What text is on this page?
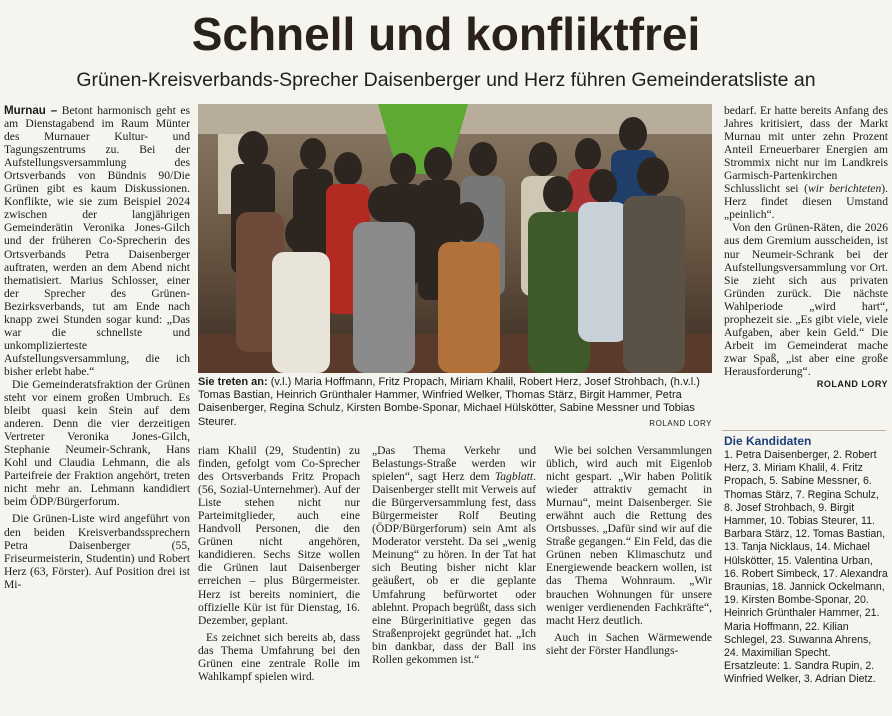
Schnell und konfliktfrei
Grünen-Kreisverbands-Sprecher Daisenberger und Herz führen Gemeinderatsliste an

Murnau – Betont harmonisch geht es am Dienstagabend im Raum Münter des Murnauer Kultur- und Tagungszentrums zu. Bei der Aufstellungsversammlung des Ortsverbands von Bündnis 90/Die Grünen gibt es kaum Diskussionen. Konflikte, wie sie zum Beispiel 2024 zwischen der langjährigen Gemeinderätin Veronika Jones-Gilch und der früheren Co-Sprecherin des Ortsverbands Petra Daisenberger auftraten, werden an dem Abend nicht thematisiert. Marius Schlosser, einer der Sprecher des Grünen-Bezirksverbands, tut am Ende nach knapp zwei Stunden sogar kund: „Das war die schnellste und unkomplizierteste Aufstellungsversammlung, die ich bisher erlebt habe.“

Die Gemeinderatsfraktion der Grünen steht vor einem großen Umbruch. Es bleibt quasi kein Stein auf dem anderen. Denn die vier derzeitigen Vertreter Veronika Jones-Gilch, Stephanie Neumeir-Schrank, Hans Kohl und Claudia Lehmann, die als Parteifreie der Fraktion angehört, treten nicht mehr an. Lehmann kandidiert beim ÖDP/Bürgerforum.

Die Grünen-Liste wird angeführt von den beiden Kreisverbandssprechern Petra Daisenberger (55, Friseurmeisterin, Studentin) und Robert Herz (63, Förster). Auf Position drei ist Mi-

Sie treten an: (v.l.) Maria Hoffmann, Fritz Propach, Miriam Khalil, Robert Herz, Josef Strohbach, (h.v.l.) Tomas Bastian, Heinrich Grünthaler Hammer, Winfried Welker, Thomas Stärz, Birgit Hammer, Petra Daisenberger, Regina Schulz, Kirsten Bombe-Sponar, Michael Hülskötter, Sabine Messner und Tobias Steurer.	ROLAND LORY

riam Khalil (29, Studentin) zu finden, gefolgt vom Co-Sprecher des Ortsverbands Fritz Propach (56, Sozial-Unternehmer). Auf der Liste stehen nicht nur Parteimitglieder, auch eine Handvoll Personen, die den Grünen nicht angehören, kandidieren. Sechs Sitze wollen die Grünen laut Daisenberger erreichen – plus Bürgermeister. Herz ist bereits nominiert, die offizielle Kür ist für Dienstag, 16. Dezember, geplant.

Es zeichnet sich bereits ab, dass das Thema Umfahrung bei den Grünen eine zentrale Rolle im Wahlkampf spielen wird.

„Das Thema Verkehr und Belastungs-Straße werden wir spielen“, sagt Herz dem Tagblatt. Daisenberger stellt mit Verweis auf die Bürgerversammlung fest, dass Bürgermeister Rolf Beuting (ÖDP/Bürgerforum) sein Amt als Moderator versteht. Da sei „wenig Meinung“ zu hören. In der Tat hat sich Beuting bisher nicht klar geäußert, ob er die geplante Umfahrung befürwortet oder ablehnt. Propach begrüßt, dass sich eine Bürgerinitiative gegen das Straßenprojekt gegründet hat. „Ich bin dankbar, dass der Ball ins Rollen gekommen ist.“

Wie bei solchen Versammlungen üblich, wird auch mit Eigenlob nicht gespart. „Wir haben Politik wieder attraktiv gemacht in Murnau“, meint Daisenberger. Sie erwähnt auch die Rettung des Ortsbusses. „Dafür sind wir auf die Straße gegangen.“ Ein Feld, das die Grünen neben Klimaschutz und Energiewende beackern wollen, ist das Thema Wohnraum. „Wir brauchen Wohnungen für unsere weniger verdienenden Fachkräfte“, macht Herz deutlich.

Auch in Sachen Wärmewende sieht der Förster Handlungs-

bedarf. Er hatte bereits Anfang des Jahres kritisiert, dass der Markt Murnau mit unter zehn Prozent Anteil Erneuerbarer Energien am Strommix nicht nur im Landkreis Garmisch-Partenkirchen Schlusslicht sei (wir berichteten). Herz findet diesen Umstand „peinlich“.

Von den Grünen-Räten, die 2026 aus dem Gremium ausscheiden, ist nur Neumeir-Schrank bei der Aufstellungsversammlung vor Ort. Sie zieht sich aus privaten Gründen zurück. Die nächste Wahlperiode „wird hart“, prophezeit sie. „Es gibt viele, viele Aufgaben, aber kein Geld.“ Die Arbeit im Gemeinderat mache zwar Spaß, „ist aber eine große Herausforderung“.
ROLAND LORY

Die Kandidaten
1. Petra Daisenberger, 2. Robert Herz, 3. Miriam Khalil, 4. Fritz Propach, 5. Sabine Messner, 6. Thomas Stärz, 7. Regina Schulz, 8. Josef Strohbach, 9. Birgit Hammer, 10. Tobias Steurer, 11. Barbara Stärz, 12. Tomas Bastian, 13. Tanja Nicklaus, 14. Michael Hülskötter, 15. Valentina Urban, 16. Robert Simbeck, 17. Alexandra Braunias, 18. Jannick Ockelmann, 19. Kirsten Bombe-Sponar, 20. Heinrich Grünthaler Hammer, 21. Maria Hoffmann, 22. Kilian Schlegel, 23. Suwanna Ahrens, 24. Maximilian Specht. Ersatzleute: 1. Sandra Rupin, 2. Winfried Welker, 3. Adrian Dietz.
